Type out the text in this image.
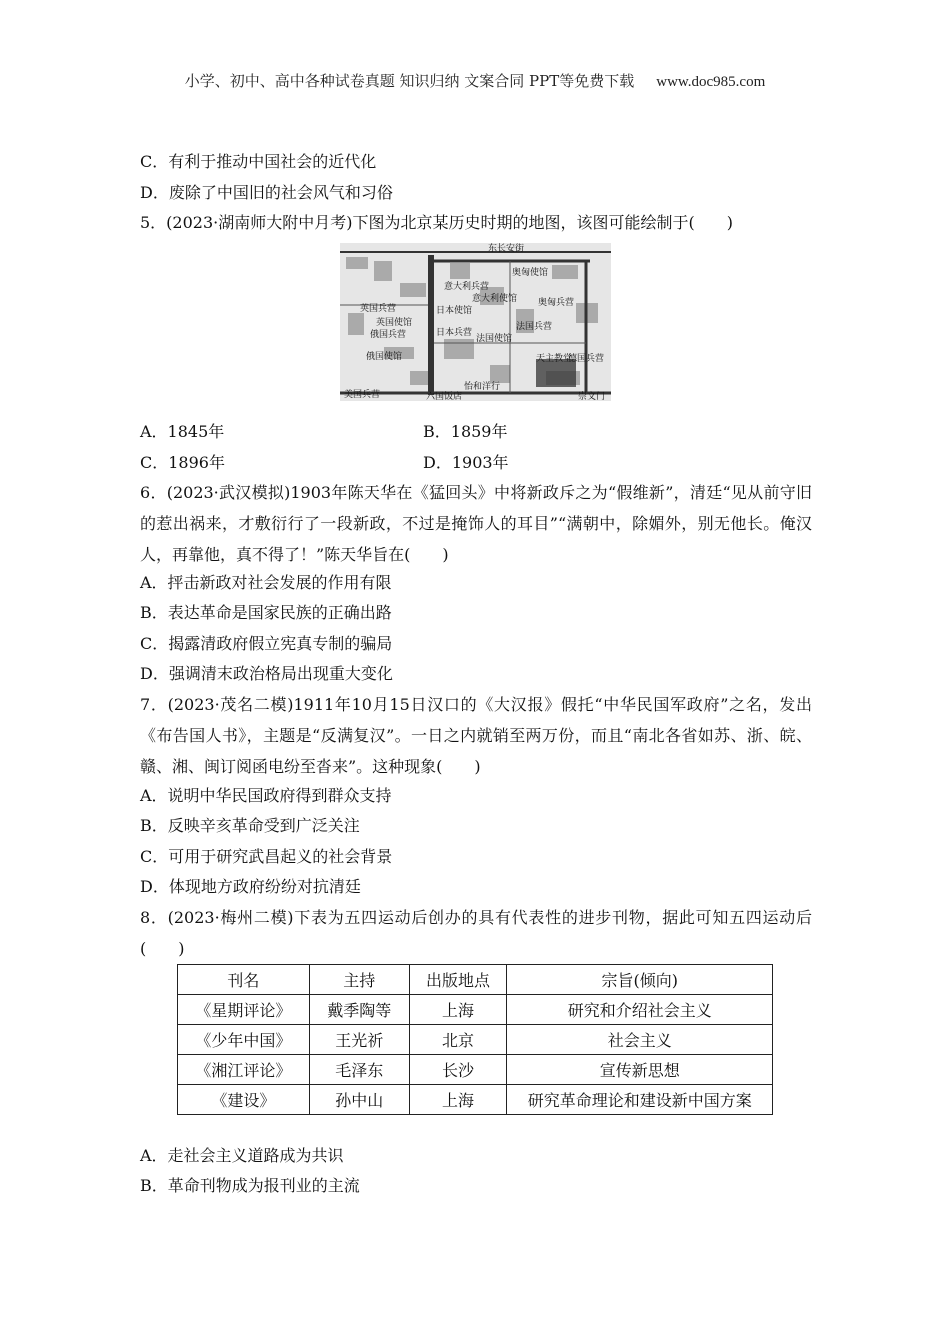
小学、初中、高中各种试卷真题 知识归纳 文案合同 PPT等免费下载 www.doc985.com
C．有利于推动中国社会的近代化
D．废除了中国旧的社会风气和习俗
5．(2023·湖南师大附中月考)下图为北京某历史时期的地图，该图可能绘制于(　　)
东长安街
奥匈使馆
意大利兵营
意大利使馆 奥匈兵营
英国兵营	日本使馆
英国使馆
日本兵营
法国兵营
俄国兵营	法国使馆
俄国使馆	德国兵营
天主教堂
怡和洋行
美国兵营	六国饭店	崇文门
A．1845年	B．1859年
C．1896年	D．1903年
6．(2023·武汉模拟)1903年陈天华在《猛回头》中将新政斥之为“假维新”，清廷“见从前守旧的惹出祸来，才敷衍行了一段新政，不过是掩饰人的耳目”“满朝中，除媚外，别无他长。俺汉人，再靠他，真不得了！”陈天华旨在(　　)
A．抨击新政对社会发展的作用有限
B．表达革命是国家民族的正确出路
C．揭露清政府假立宪真专制的骗局
D．强调清末政治格局出现重大变化
7．(2023·茂名二模)1911年10月15日汉口的《大汉报》假托“中华民国军政府”之名，发出《布告国人书》，主题是“反满复汉”。一日之内就销至两万份，而且“南北各省如苏、浙、皖、赣、湘、闽订阅函电纷至沓来”。这种现象(　　)
A．说明中华民国政府得到群众支持
B．反映辛亥革命受到广泛关注
C．可用于研究武昌起义的社会背景
D．体现地方政府纷纷对抗清廷
8．(2023·梅州二模)下表为五四运动后创办的具有代表性的进步刊物，据此可知五四运动后(　　)
刊名	主持	出版地点	宗旨(倾向)
《星期评论》	戴季陶等	上海	研究和介绍社会主义
《少年中国》	王光祈	北京	社会主义
《湘江评论》	毛泽东	长沙	宣传新思想
《建设》	孙中山	上海	研究革命理论和建设新中国方案
A．走社会主义道路成为共识
B．革命刊物成为报刊业的主流
